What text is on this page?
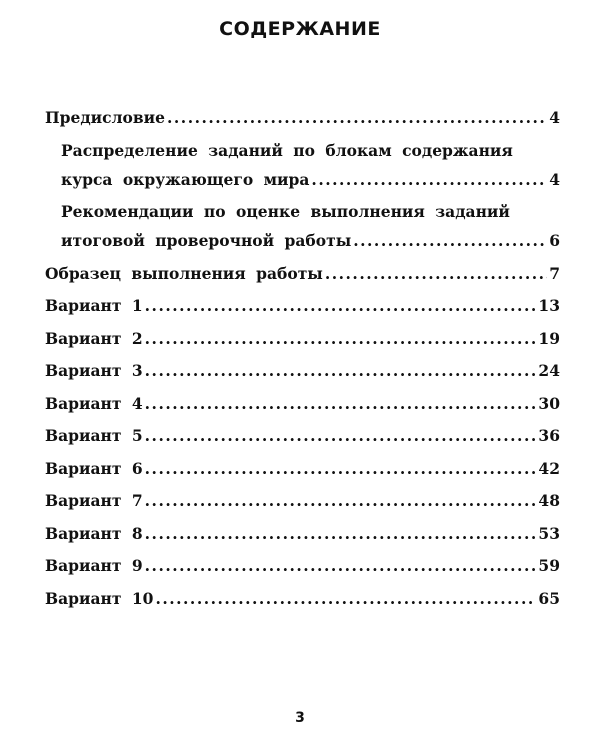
СОДЕРЖАНИЕ
Предисловие .....	4
Распределение заданий по блокам содержания
курса окружающего мира .....	4
Рекомендации по оценке выполнения заданий
итоговой проверочной работы .....	6
Образец выполнения работы .....	7
Вариант 1 .....	13
Вариант 2 .....	19
Вариант 3 .....	24
Вариант 4 .....	30
Вариант 5 .....	36
Вариант 6 .....	42
Вариант 7 .....	48
Вариант 8 .....	53
Вариант 9 .....	59
Вариант 10 .....	65
3
